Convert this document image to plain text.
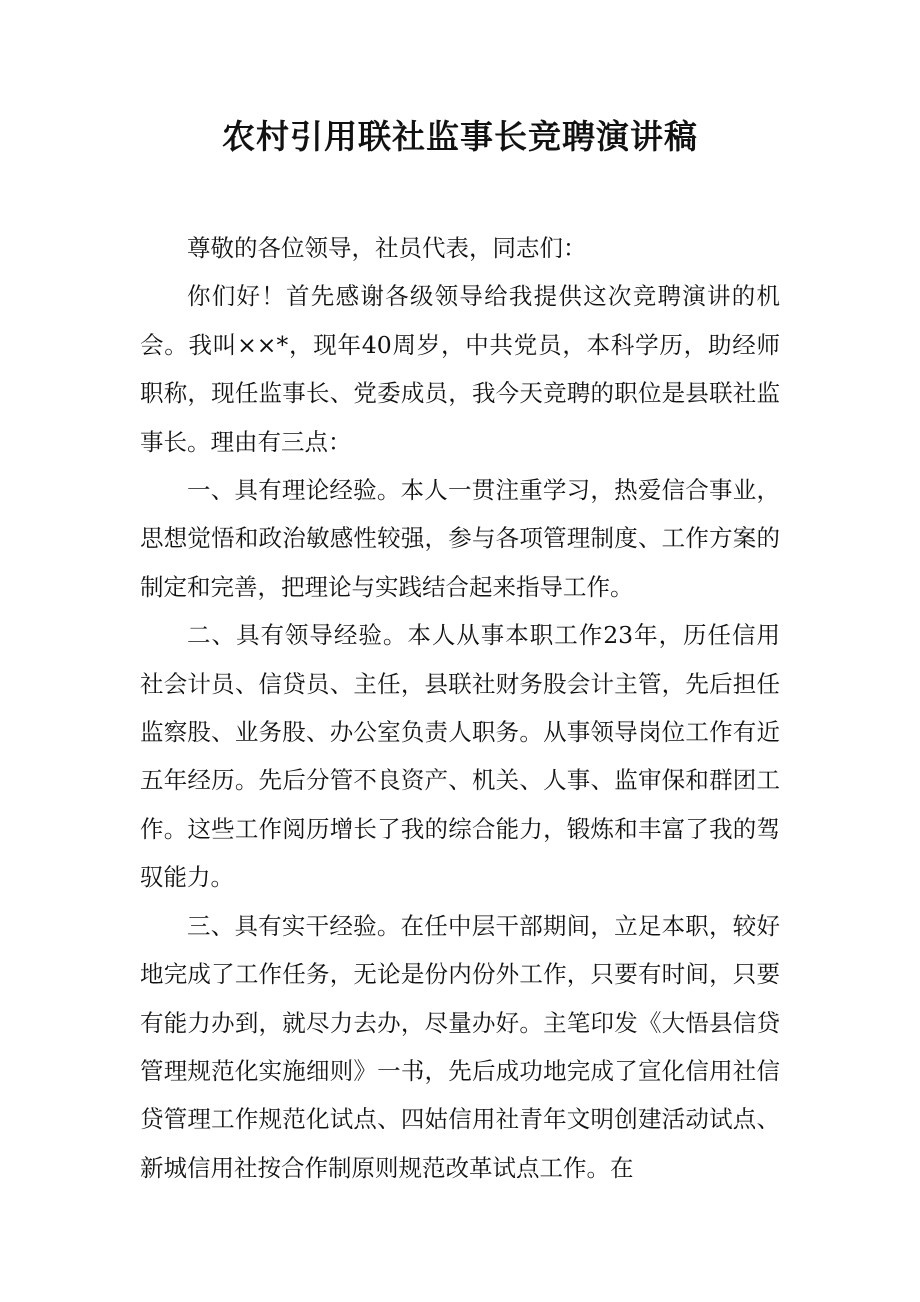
农村引用联社监事长竞聘演讲稿

尊敬的各位领导，社员代表，同志们：

你们好！首先感谢各级领导给我提供这次竞聘演讲的机会。我叫××*，现年40周岁，中共党员，本科学历，助经师职称，现任监事长、党委成员，我今天竞聘的职位是县联社监事长。理由有三点：

一、具有理论经验。本人一贯注重学习，热爱信合事业，思想觉悟和政治敏感性较强，参与各项管理制度、工作方案的制定和完善，把理论与实践结合起来指导工作。

二、具有领导经验。本人从事本职工作23年，历任信用社会计员、信贷员、主任，县联社财务股会计主管，先后担任监察股、业务股、办公室负责人职务。从事领导岗位工作有近五年经历。先后分管不良资产、机关、人事、监审保和群团工作。这些工作阅历增长了我的综合能力，锻炼和丰富了我的驾驭能力。

三、具有实干经验。在任中层干部期间，立足本职，较好地完成了工作任务，无论是份内份外工作，只要有时间，只要有能力办到，就尽力去办，尽量办好。主笔印发《大悟县信贷管理规范化实施细则》一书，先后成功地完成了宣化信用社信贷管理工作规范化试点、四姑信用社青年文明创建活动试点、新城信用社按合作制原则规范改革试点工作。在
